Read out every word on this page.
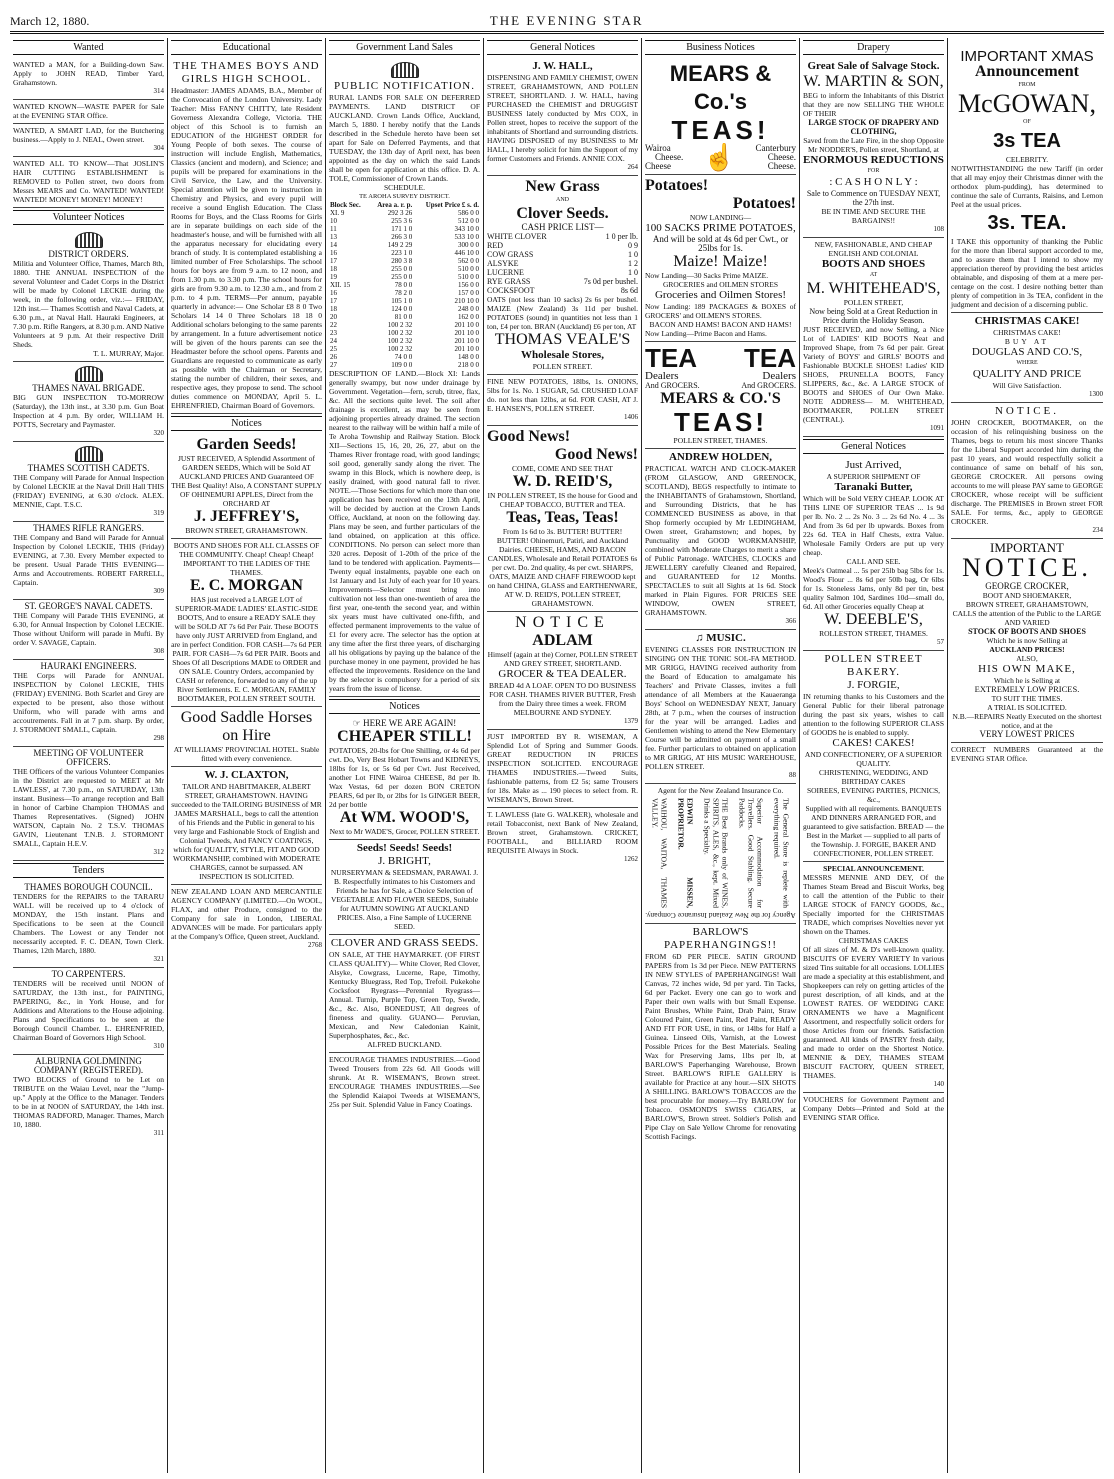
March 12, 1880.	THE EVENING STAR
Wanted
WANTED a MAN, for a Building-down Saw. Apply to JOHN READ, Timber Yard, Grahamstown.
314
WANTED KNOWN—WASTE PAPER for Sale at the EVENING STAR Office.
WANTED, A SMART LAD, for the Butchering business.—Apply to J. NEAL, Owen street.
304
WANTED ALL TO KNOW—That JOSLIN'S HAIR CUTTING ESTABLISHMENT is REMOVED to Pollen street, two doors from Messrs MEARS and Co. WANTED! WANTED! WANTED! MONEY! MONEY! MONEY!
Volunteer Notices
DISTRICT ORDERS.
Militia and Volunteer Office, Thames, March 8th, 1880. THE ANNUAL INSPECTION of the several Volunteer and Cadet Corps in the District will be made by Colonel LECKIE during the week, in the following order, viz.:— FRIDAY, 12th inst.— Thames Scottish and Naval Cadets, at 6.30 p.m., at Naval Hall. Hauraki Engineers, at 7.30 p.m. Rifle Rangers, at 8.30 p.m. AND Native Volunteers at 9 p.m. At their respective Drill Sheds.
T. L. MURRAY, Major.
THAMES NAVAL BRIGADE.
BIG GUN INSPECTION TO-MORROW (Saturday), the 13th inst., at 3.30 p.m. Gun Boat Inspection at 4 p.m. By order, WILLIAM H. POTTS, Secretary and Paymaster.
320
THAMES SCOTTISH CADETS.
THE Company will Parade for Annual Inspection by Colonel LECKIE at the Naval Drill Hall THIS (FRIDAY) EVENING, at 6.30 o'clock. ALEX. MENNIE, Capt. T.S.C.
319
THAMES RIFLE RANGERS.
THE Company and Band will Parade for Annual Inspection by Colonel LECKIE, THIS (Friday) EVENING, at 7.30. Every Member expected to be present. Usual Parade THIS EVENING—Arms and Accoutrements. ROBERT FARRELL, Captain.
309
ST. GEORGE'S NAVAL CADETS.
THE Company will Parade THIS EVENING, at 6.30, for Annual Inspection by Colonel LECKIE. Those without Uniform will parade in Mufti. By order V. SAVAGE, Captain.
308
HAURAKI ENGINEERS.
THE Corps will Parade for ANNUAL INSPECTION by Colonel LECKIE, THIS (FRIDAY) EVENING. Both Scarlet and Grey are expected to be present, also those without Uniform, who will parade with arms and accoutrements. Fall in at 7 p.m. sharp. By order, J. STORMONT SMALL, Captain.
298
MEETING OF VOLUNTEER OFFICERS.
THE Officers of the various Volunteer Companies in the District are requested to MEET at Mr LAWLESS', at 7.30 p.m., on SATURDAY, 13th instant. Business—To arrange reception and Ball in honor of Carbine Champion THOMAS and Thames Representatives. (Signed) JOHN WATSON, Captain No. 2 T.S.V. THOMAS GAVIN, Lieutenant T.N.B. J. STORMONT SMALL, Captain H.E.V.
312
Tenders
THAMES BOROUGH COUNCIL.
TENDERS for the REPAIRS to the TARARU WALL will be received up to 4 o'clock of MONDAY, the 15th instant. Plans and Specifications to be seen at the Council Chambers. The Lowest or any Tender not necessarily accepted. F. C. DEAN, Town Clerk. Thames, 12th March, 1880.
321
TO CARPENTERS.
TENDERS will be received until NOON of SATURDAY, the 13th inst., for PAINTING, PAPERING, &c., in York House, and for Additions and Alterations to the House adjoining. Plans and Specifications to be seen at the Borough Council Chamber. L. EHRENFRIED, Chairman Board of Governors High School.
310
ALBURNIA GOLDMINING COMPANY (REGISTERED).
TWO BLOCKS of Ground to be Let on TRIBUTE on the Waiau Level, near the "Jump-up." Apply at the Office to the Manager. Tenders to be in at NOON of SATURDAY, the 14th inst. THOMAS RADFORD, Manager. Thames, March 10, 1880.
311
Educational
THE THAMES BOYS AND GIRLS HIGH SCHOOL.
Headmaster: JAMES ADAMS, B.A., Member of the Convocation of the London University. Lady Teacher: Miss FANNY CHITTY, late Resident Governess Alexandra College, Victoria. THE object of this School is to furnish an EDUCATION of the HIGHEST ORDER for Young People of both sexes. The course of instruction will include English, Mathematics, Classics (ancient and modern), and Science; and pupils will be prepared for examinations in the Civil Service, the Law, and the University. Special attention will be given to instruction in Chemistry and Physics, and every pupil will receive a sound English Education. The Class Rooms for Boys, and the Class Rooms for Girls are in separate buildings on each side of the headmaster's house, and will be furnished with all the apparatus necessary for elucidating every branch of study. It is contemplated establishing a limited number of Free Scholarships. The school hours for boys are from 9 a.m. to 12 noon, and from 1.30 p.m. to 3.30 p.m. The school hours for girls are from 9.30 a.m. to 12.30 a.m., and from 2 p.m. to 4 p.m. TERMS—Per annum, payable quarterly in advance:— One Scholar £8 8 0 Two Scholars 14 14 0 Three Scholars 18 18 0 Additional scholars belonging to the same parents by arrangement. In a future advertisement notice will be given of the hours parents can see the Headmaster before the school opens. Parents and Guardians are requested to communicate as early as possible with the Chairman or Secretary, stating the number of children, their sexes, and respective ages, they propose to send. The school duties commence on MONDAY, April 5. L. EHRENFRIED, Chairman Board of Governors.
Notices
Garden Seeds!
JUST RECEIVED, A Splendid Assortment of GARDEN SEEDS, Which will be Sold AT AUCKLAND PRICES AND Guaranteed OF THE Best Quality! Also, A CONSTANT SUPPLY OF OHINEMURI APPLES, Direct from the ORCHARD AT
J. JEFFREY'S,
BROWN STREET, GRAHAMSTOWN.
BOOTS AND SHOES FOR ALL CLASSES OF THE COMMUNITY. Cheap! Cheap! Cheap! IMPORTANT TO THE LADIES OF THE THAMES.
E. C. MORGAN
HAS just received a LARGE LOT of SUPERIOR-MADE LADIES' ELASTIC-SIDE BOOTS, And to ensure a READY SALE they will be SOLD AT 7s 6d Per Pair. These BOOTS have only JUST ARRIVED from England, and are in perfect Condition. FOR CASH—7s 6d PER PAIR. FOR CASH—7s 6d PER PAIR. Boots and Shoes Of all Descriptions MADE to ORDER and ON SALE. Country Orders, accompanied by CASH or reference, forwarded to any of the up River Settlements. E. C. MORGAN, FAMILY BOOTMAKER, POLLEN STREET SOUTH.
Good Saddle Horses on Hire
AT WILLIAMS' PROVINCIAL HOTEL. Stable fitted with every convenience.
W. J. CLAXTON,
TAILOR AND HABITMAKER, ALBERT STREET, GRAHAMSTOWN. HAVING succeeded to the TAILORING BUSINESS of MR JAMES MARSHALL, begs to call the attention of his Friends and the Public in general to his very large and Fashionable Stock of English and Colonial Tweeds, And FANCY COATINGS, which for QUALITY, STYLE, FIT AND GOOD WORKMANSHIP, combined with MODERATE CHARGES, cannot be surpassed. AN INSPECTION IS SOLICITED.
NEW ZEALAND LOAN AND MERCANTILE AGENCY COMPANY (LIMITED.—On WOOL, FLAX, and other Produce, consigned to the Company for sale in London, LIBERAL ADVANCES will be made. For particulars apply at the Company's Office, Queen street, Auckland.
2768
Government Land Sales
PUBLIC NOTIFICATION.
RURAL LANDS FOR SALE ON DEFERRED PAYMENTS. LAND DISTRICT OF AUCKLAND. Crown Lands Office, Auckland, March 5, 1880. I hereby notify that the Lands described in the Schedule hereto have been set apart for Sale on Deferred Payments, and that TUESDAY, the 13th day of April next, has been appointed as the day on which the said Lands shall be open for application at this office. D. A. TOLE, Commissioner of Crown Lands.
SCHEDULE.
TE AROHA SURVEY DISTRICT.
Block Sec.	Area a. r. p.	Upset Price £ s. d.
XI. 9	292 3 26	586 0 0
10	255 3 6	512 0 0
11	171 1 0	343 10 0
13	266 3 0	533 10 0
14	149 2 29	300 0 0
16	223 1 0	446 10 0
17	280 3 8	562 0 0
18	255 0 0	510 0 0
19	255 0 0	510 0 0
XII. 15	78 0 0	156 0 0
16	78 2 0	157 0 0
17	105 1 0	210 10 0
18	124 0 0	248 0 0
20	81 0 0	162 0 0
22	100 2 32	201 10 0
23	100 2 32	201 10 0
24	100 2 32	201 10 0
25	100 2 32	201 10 0
26	74 0 0	148 0 0
27	109 0 0	218 0 0
DESCRIPTION OF LAND.—Block XI: Lands generally swampy, but now under drainage by Government. Vegetation—fern, scrub, titree, flax, &c. All the sections quite level. The soil after drainage is excellent, as may be seen from adjoining properties already drained. The section nearest to the railway will be within half a mile of Te Aroha Township and Railway Station. Block XII—Sections 15, 16, 20, 26, 27, abut on the Thames River frontage road, with good landings; soil good, generally sandy along the river. The swamp in this Block, which is nowhere deep, is easily drained, with good natural fall to river. NOTE.—Those Sections for which more than one application has been received on the 13th April, will be decided by auction at the Crown Lands Office, Auckland, at noon on the following day. Plans may be seen, and further particulars of the land obtained, on application at this office. CONDITIONS. No person can select more than 320 acres. Deposit of 1-20th of the price of the land to be tendered with application. Payments—Twenty equal instalments, payable one each on 1st January and 1st July of each year for 10 years. Improvements—Selector must bring into cultivation not less than one-twentieth of area the first year, one-tenth the second year, and within six years must have cultivated one-fifth, and effected permanent improvements to the value of £1 for every acre. The selector has the option at any time after the first three years, of discharging all his obligations by paying up the balance of the purchase money in one payment, provided he has effected the improvements. Residence on the land by the selector is compulsory for a period of six years from the issue of license.
Notices
☞ HERE WE ARE AGAIN!
CHEAPER STILL!
POTATOES, 20-lbs for One Shilling, or 4s 6d per cwt. Do, Very Best Hobart Towns and KIDNEYS, 18lbs for 1s, or 5s 6d per Cwt. Just Received, another Lot FINE Wairoa CHEESE, 8d per lb. Wax Vestas, 6d per dozen BON CRETON PEARS, 6d per lb, or 2lbs for 1s GINGER BEER, 2d per bottle
At WM. WOOD'S,
Next to Mr WADE'S, Grocer, POLLEN STREET.
Seeds! Seeds! Seeds!
J. BRIGHT,
NURSERYMAN & SEEDSMAN, PARAWAI. J. B. Respectfully intimates to his Customers and Friends he has for Sale, a Choice Selection of VEGETABLE AND FLOWER SEEDS, Suitable for AUTUMN SOWING AT AUCKLAND PRICES. Also, a Fine Sample of LUCERNE SEED.
CLOVER AND GRASS SEEDS.
ON SALE, AT THE HAYMARKET. (OF FIRST CLASS QUALITY)— White Clover, Red Clover, Alsyke, Cowgrass, Lucerne, Rape, Timothy, Kentucky Bluegrass, Red Top, Trefoil. Pukekohe Cocksfoot Ryegrass—Perennial Ryegrass—Annual. Turnip, Purple Top, Green Top, Swede, &c., &c. Also, BONEDUST, All degrees of fineness and quality. GUANO— Peruvian, Mexican, and New Caledonian Kainit, Superphosphates, &c., &c.
ALFRED BUCKLAND.
ENCOURAGE THAMES INDUSTRIES.—Good Tweed Trousers from 22s 6d. All Goods will shrunk. At R. WISEMAN'S, Brown street. ENCOURAGE THAMES INDUSTRIES.—See the Splendid Kaiapoi Tweeds at WISEMAN'S, 25s per Suit. Splendid Value in Fancy Coatings.
General Notices
J. W. HALL,
DISPENSING AND FAMILY CHEMIST, OWEN STREET, GRAHAMSTOWN, AND POLLEN STREET, SHORTLAND. J. W. HALL, having PURCHASED the CHEMIST and DRUGGIST BUSINESS lately conducted by Mrs COX, in Pollen street, hopes to receive the support of the inhabitants of Shortland and surrounding districts. HAVING DISPOSED of my BUSINESS to Mr HALL, I hereby solicit for him the Support of my former Customers and Friends. ANNIE COX.
264
New Grass
AND
Clover Seeds.
CASH PRICE LIST—
WHITE CLOVER	1 0 per lb.
RED	0 9
COW GRASS	1 0
ALSYKE	1 2
LUCERNE	1 0
RYE GRASS	7s 0d per bushel.
COCKSFOOT	8s 6d
OATS (not less than 10 sacks) 2s 6s per bushel. MAIZE (New Zealand) 3s 11d per bushel. POTATOES (sound) in quantities not less than 1 ton, £4 per ton. BRAN (Auckland) £6 per ton, AT
THOMAS VEALE'S
Wholesale Stores,
POLLEN STREET.
FINE NEW POTATOES, 18lbs, 1s. ONIONS, 5lbs for 1s. No. 1 SUGAR, 5d. CRUSHED LOAF do. not less than 12lbs, at 6d. FOR CASH, AT J. E. HANSEN'S, POLLEN STREET.
1406
Good News!
Good News!
COME, COME AND SEE THAT
W. D. REID'S,
IN POLLEN STREET, IS the house for Good and CHEAP TOBACCO, BUTTER and TEA.
Teas, Teas, Teas!
From 1s 6d to 3s. BUTTER! BUTTER! BUTTER! Ohinemuri, Patiri, and Auckland Dairies. CHEESE, HAMS, AND BACON CANDLES, Wholesale and Retail POTATOES 6s per cwt. Do. 2nd quality, 4s per cwt. SHARPS, OATS, MAIZE AND CHAFF FIREWOOD kept on hand CHINA, GLASS and EARTHENWARE, AT W. D. REID'S, POLLEN STREET, GRAHAMSTOWN.
NOTICE
ADLAM
Himself (again at the) Corner, POLLEN STREET AND GREY STREET, SHORTLAND.
GROCER & TEA DEALER.
BREAD 4d A LOAF. OPEN TO DO BUSINESS FOR CASH. THAMES RIVER BUTTER, Fresh from the Dairy three times a week. FROM MELBOURNE AND SYDNEY.
1379
JUST IMPORTED BY R. WISEMAN, A Splendid Lot of Spring and Summer Goods. GREAT REDUCTION IN PRICES INSPECTION SOLICITED. ENCOURAGE THAMES INDUSTRIES.—Tweed Suits, fashionable patterns, from £2 5s; same Trousers for 18s. Make as ... 190 pieces to select from. R. WISEMAN'S, Brown Street.
T. LAWLESS (late G. WALKER), wholesale and retail Tobacconist, next Bank of New Zealand, Brown street, Grahamstown. CRICKET, FOOTBALL, and BILLIARD ROOM REQUISITE Always in Stock.
1262
Business Notices
MEARS & Co.'s
TEAS!
Wairoa
Cheese.
Cheese	☝ Canterbury
Cheese.
Cheese.
Potatoes!
Potatoes!
NOW LANDING—
100 SACKS PRIME POTATOES,
And will be sold at 4s 6d per Cwt., or 25lbs for 1s.
Maize! Maize!
Now Landing—30 Sacks Prime MAIZE.
GROCERIES and OILMEN STORES
Groceries and Oilmen Stores!
Now Landing: 189 PACKAGES & BOXES of GROCERS' and OILMEN'S STORES.
BACON AND HAMS! BACON AND HAMS!
Now Landing—Prime Bacon and Hams.
TEA TEA
Dealers	Dealers
And GROCERS.	And GROCERS.
MEARS & CO.'S
TEAS!
POLLEN STREET, THAMES.
ANDREW HOLDEN,
PRACTICAL WATCH AND CLOCK-MAKER (FROM GLASGOW, AND GREENOCK, SCOTLAND), BEGS respectfully to intimate to the INHABITANTS of Grahamstown, Shortland, and Surrounding Districts, that he has COMMENCED BUSINESS as above, in that Shop formerly occupied by Mr LEDINGHAM, Owen street, Grahamstown; and hopes, by Punctuality and GOOD WORKMANSHIP, combined with Moderate Charges to merit a share of Public Patronage. WATCHES, CLOCKS and JEWELLERY carefully Cleaned and Repaired, and GUARANTEED for 12 Months. SPECTACLES to suit all Sights at 1s 6d. Stock marked in Plain Figures. FOR PRICES SEE WINDOW, OWEN STREET, GRAHAMSTOWN.
366
♫ MUSIC.
EVENING CLASSES FOR INSTRUCTION IN SINGING ON THE TONIC SOL-FA METHOD. MR GRIGG, HAVING received authority from the Board of Education to amalgamate his Teachers' and Private Classes, invites a full attendance of all Members at the Kauaeranga Boys' School on WEDNESDAY NEXT, January 28th, at 7 p.m., when the courses of instruction for the year will be arranged. Ladies and Gentlemen wishing to attend the New Elementary Course will be admitted on payment of a small fee. Further particulars to obtained on application to MR GRIGG, AT HIS MUSIC WAREHOUSE, POLLEN STREET.
88
Agent for the New Zealand Insurance Co.
WAIHOU, WAITOA, THAMES VALLEY.	EDWIN MISSEN, PROPRIETOR.	THE Best Brands only of WINES, SPIRITS, ALES, &c., kept. Mixed Drinks a Specialty.	Superior Accommodation for Travellers. Good Stabling. Secure Paddocks.	The General Store is replete with everything required.
Agency for the New Zealand Insurance Company.
BARLOW'S
PAPERHANGINGS!!
FROM 6D PER PIECE. SATIN GROUND PAPERS from 1s 3d per Piece. NEW PATTERNS IN NEW STYLES of PAPERHANGINGS! Wall Canvas, 72 inches wide, 9d per yard. Tin Tacks, 6d per Packet. Every one can go to work and Paper their own walls with but Small Expense. Paint Brushes, White Paint, Drab Paint, Straw Coloured Paint, Green Paint, Red Paint, READY AND FIT FOR USE, in tins, or 14lbs for Half a Guinea. Linseed Oils, Varnish, at the Lowest Possible Prices for the Best Materials. Sealing Wax for Preserving Jams, 1lbs per lb, at BARLOW'S Paperhanging Warehouse, Brown Street. BARLOW'S RIFLE GALLERY is available for Practice at any hour.—SIX SHOTS A SHILLING. BARLOW'S TOBACCOS are the best procurable for money.—Try BARLOW for Tobacco. OSMOND'S SWISS CIGARS, at BARLOW'S, Brown street. Soldier's Polish and Pipe Clay on Sale Yellow Chrome for renovating Scottish Facings.
Drapery
Great Sale of Salvage Stock.
W. MARTIN & SON,
BEG to inform the Inhabitants of this District that they are now SELLING THE WHOLE OF THEIR
LARGE STOCK OF DRAPERY AND CLOTHING,
Saved from the Late Fire, in the shop Opposite Mr NODDER'S, Pollen street, Shortland, at
ENORMOUS REDUCTIONS
FOR
: C A S H O N L Y :
Sale to Commence on TUESDAY NEXT, the 27th inst.
BE IN TIME AND SECURE THE BARGAINS!!
108
NEW, FASHIONABLE, AND CHEAP ENGLISH AND COLONIAL
BOOTS AND SHOES
AT
M. WHITEHEAD'S,
POLLEN STREET,
Now being Sold at a Great Reduction in Price durin the Holiday Season.
JUST RECEIVED, and now Selling, a Nice Lot of LADIES' KID BOOTS Neat and Improved Shape, from 7s 6d per pair. Great Variety of BOYS' and GIRLS' BOOTS and Fashionable BUCKLE SHOES! Ladies' KID SHOES, PRUNELLA BOOTS, Fancy SLIPPERS, &c., &c. A LARGE STOCK of BOOTS and SHOES of Our Own Make. NOTE ADDRESS— M. WHITEHEAD, BOOTMAKER, POLLEN STREET (CENTRAL).
1091
General Notices
Just Arrived,
A SUPERIOR SHIPMENT OF
Taranaki Butter,
Which will be Sold VERY CHEAP. LOOK AT THIS LINE OF SUPERIOR TEAS ... 1s 9d per lb. No. 2 ... 2s No. 3 ... 2s 6d No. 4 ... 3s And from 3s 6d per lb upwards. Boxes from 22s 6d. TEA in Half Chests, extra Value. Wholesale Family Orders are put up very cheap.
CALL AND SEE.
Meek's Oatmeal ... 5s per 25lb bag 5lbs for 1s. Wood's Flour ... 8s 6d per 50lb bag, Or 6lbs for 1s. Stoneless Jams, only 8d per tin, best quality Salmon 10d, Sardines 10d—small do, 6d. All other Groceries equally Cheap at
W. DEEBLE'S,
ROLLESTON STREET, THAMES.
57
POLLEN STREET BAKERY.
J. FORGIE,
IN returning thanks to his Customers and the General Public for their liberal patronage during the past six years, wishes to call attention to the following SUPERIOR CLASS of GOODS he is enabled to supply.
CAKES! CAKES!
AND CONFECTIONERY, OF A SUPERIOR QUALITY.
CHRISTENING, WEDDING, AND BIRTHDAY CAKES
SOIREES, EVENING PARTIES, PICNICS, &c.,
Supplied with all requirements. BANQUETS AND DINNERS ARRANGED FOR, and guaranteed to give satisfaction. BREAD — the Best in the Market — supplied to all parts of the Township. J. FORGIE, BAKER AND CONFECTIONER, POLLEN STREET.
SPECIAL ANNOUNCEMENT.
MESSRS MENNIE AND DEY, Of the Thames Steam Bread and Biscuit Works, beg to call the attention of the Public to their LARGE STOCK of FANCY GOODS, &c., Specially imported for the CHRISTMAS TRADE, which comprises Novelties never yet shown on the Thames.
CHRISTMAS CAKES
Of all sizes of M. & D's well-known quality. BISCUITS OF EVERY VARIETY In various sized Tins suitable for all occasions. LOLLIES are made a speciality at this establishment, and Shopkeepers can rely on getting articles of the purest description, of all kinds, and at the LOWEST RATES. OF WEDDING CAKE ORNAMENTS we have a Magnificent Assortment, and respectfully solicit orders for those Articles from our friends. Satisfaction guaranteed. All kinds of PASTRY fresh daily, and made to order on the Shortest Notice. MENNIE & DEY, THAMES STEAM BISCUIT FACTORY, QUEEN STREET, THAMES.
140
VOUCHERS for Government Payment and Company Debts—Printed and Sold at the EVENING STAR Office.
IMPORTANT XMAS
Announcement
FROM
McGOWAN,
OF
3s TEA
CELEBRITY.
NOTWITHSTANDING the new Tariff (in order that all may enjoy their Christmas dinner with the orthodox plum-pudding), has determined to continue the sale of Currants, Raisins, and Lemon Peel at the usual prices.
3s. TEA.
I TAKE this opportunity of thanking the Public for the more than liberal support accorded to me, and to assure them that I intend to show my appreciation thereof by providing the best articles obtainable, and disposing of them at a mere per-centage on the cost. I desire nothing better than plenty of competition in 3s TEA, confident in the judgment and decision of a discerning public.
CHRISTMAS CAKE!
CHRISTMAS CAKE!
BUY AT
DOUGLAS AND CO.'S,
WHERE
QUALITY AND PRICE
Will Give Satisfaction.
1300
NOTICE.
JOHN CROCKER, BOOTMAKER, on the occasion of his relinquishing business on the Thames, begs to return his most sincere Thanks for the Liberal Support accorded him during the past 10 years, and would respectfully solicit a continuance of same on behalf of his son, GEORGE CROCKER. All persons owing accounts to me will please PAY same to GEORGE CROCKER, whose receipt will be sufficient discharge. The PREMISES in Brown street FOR SALE. For terms, &c., apply to GEORGE CROCKER.
234
IMPORTANT
NOTICE.
GEORGE CROCKER,
BOOT AND SHOEMAKER,
BROWN STREET, GRAHAMSTOWN,
CALLS the attention of the Public to the LARGE AND VARIED
STOCK OF BOOTS AND SHOES
Which he is now Selling at
AUCKLAND PRICES!
ALSO,
HIS OWN MAKE,
Which he is Selling at
EXTREMELY LOW PRICES.
TO SUIT THE TIMES.
A TRIAL IS SOLICITED.
N.B.—REPAIRS Neatly Executed on the shortest notice, and at the
VERY LOWEST PRICES
CORRECT NUMBERS Guaranteed at the EVENING STAR Office.
